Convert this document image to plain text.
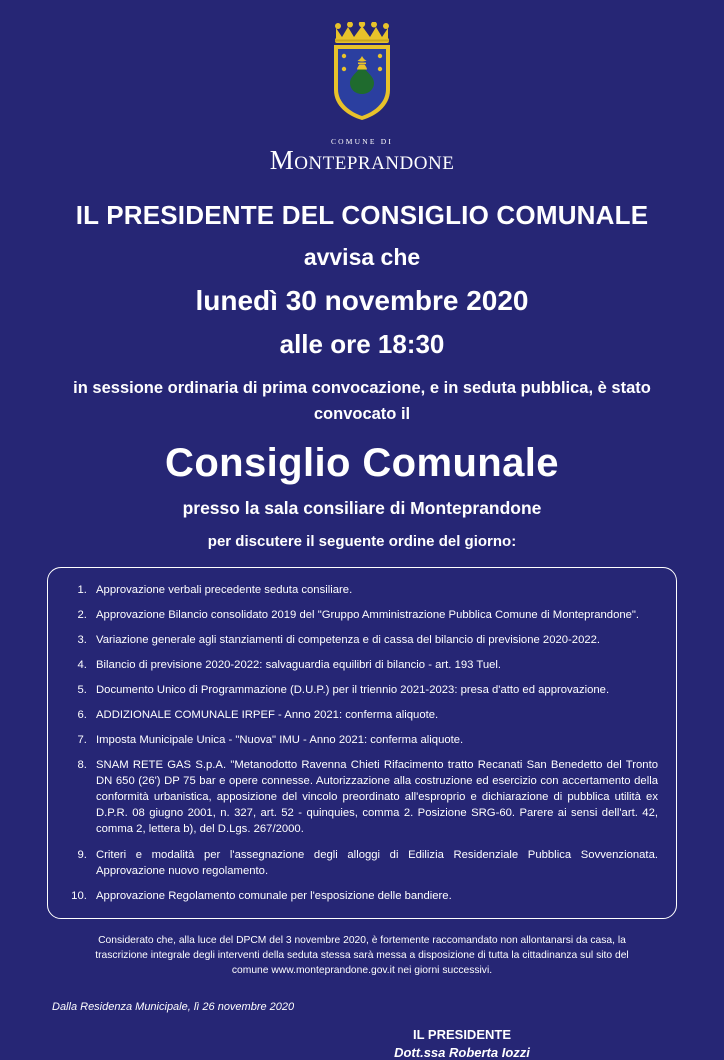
COMUNE DI
Monteprandone
IL PRESIDENTE DEL CONSIGLIO COMUNALE
avvisa che
lunedì 30 novembre 2020
alle ore 18:30
in sessione ordinaria di prima convocazione, e in seduta pubblica, è stato convocato il
Consiglio Comunale
presso la sala consiliare di Monteprandone
per discutere il seguente ordine del giorno:
1. Approvazione verbali precedente seduta consiliare.
2. Approvazione Bilancio consolidato 2019 del "Gruppo Amministrazione Pubblica Comune di Monteprandone".
3. Variazione generale agli stanziamenti di competenza e di cassa del bilancio di previsione 2020-2022.
4. Bilancio di previsione 2020-2022: salvaguardia equilibri di bilancio - art. 193 Tuel.
5. Documento Unico di Programmazione (D.U.P.) per il triennio 2021-2023: presa d'atto ed approvazione.
6. ADDIZIONALE COMUNALE IRPEF - Anno 2021: conferma aliquote.
7. Imposta Municipale Unica - "Nuova" IMU - Anno 2021: conferma aliquote.
8. SNAM RETE GAS S.p.A. "Metanodotto Ravenna Chieti Rifacimento tratto Recanati San Benedetto del Tronto DN 650 (26') DP 75 bar e opere connesse. Autorizzazione alla costruzione ed esercizio con accertamento della conformità urbanistica, apposizione del vincolo preordinato all'esproprio e dichiarazione di pubblica utilità ex D.P.R. 08 giugno 2001, n. 327, art. 52 - quinquies, comma 2. Posizione SRG-60. Parere ai sensi dell'art. 42, comma 2, lettera b), del D.Lgs. 267/2000.
9. Criteri e modalità per l'assegnazione degli alloggi di Edilizia Residenziale Pubblica Sovvenzionata. Approvazione nuovo regolamento.
10. Approvazione Regolamento comunale per l'esposizione delle bandiere.
Considerato che, alla luce del DPCM del 3 novembre 2020, è fortemente raccomandato non allontanarsi da casa, la trascrizione integrale degli interventi della seduta stessa sarà messa a disposizione di tutta la cittadinanza sul sito del comune www.monteprandone.gov.it nei giorni successivi.
Dalla Residenza Municipale, lì 26 novembre 2020
IL PRESIDENTE
Dott.ssa Roberta Iozzi
